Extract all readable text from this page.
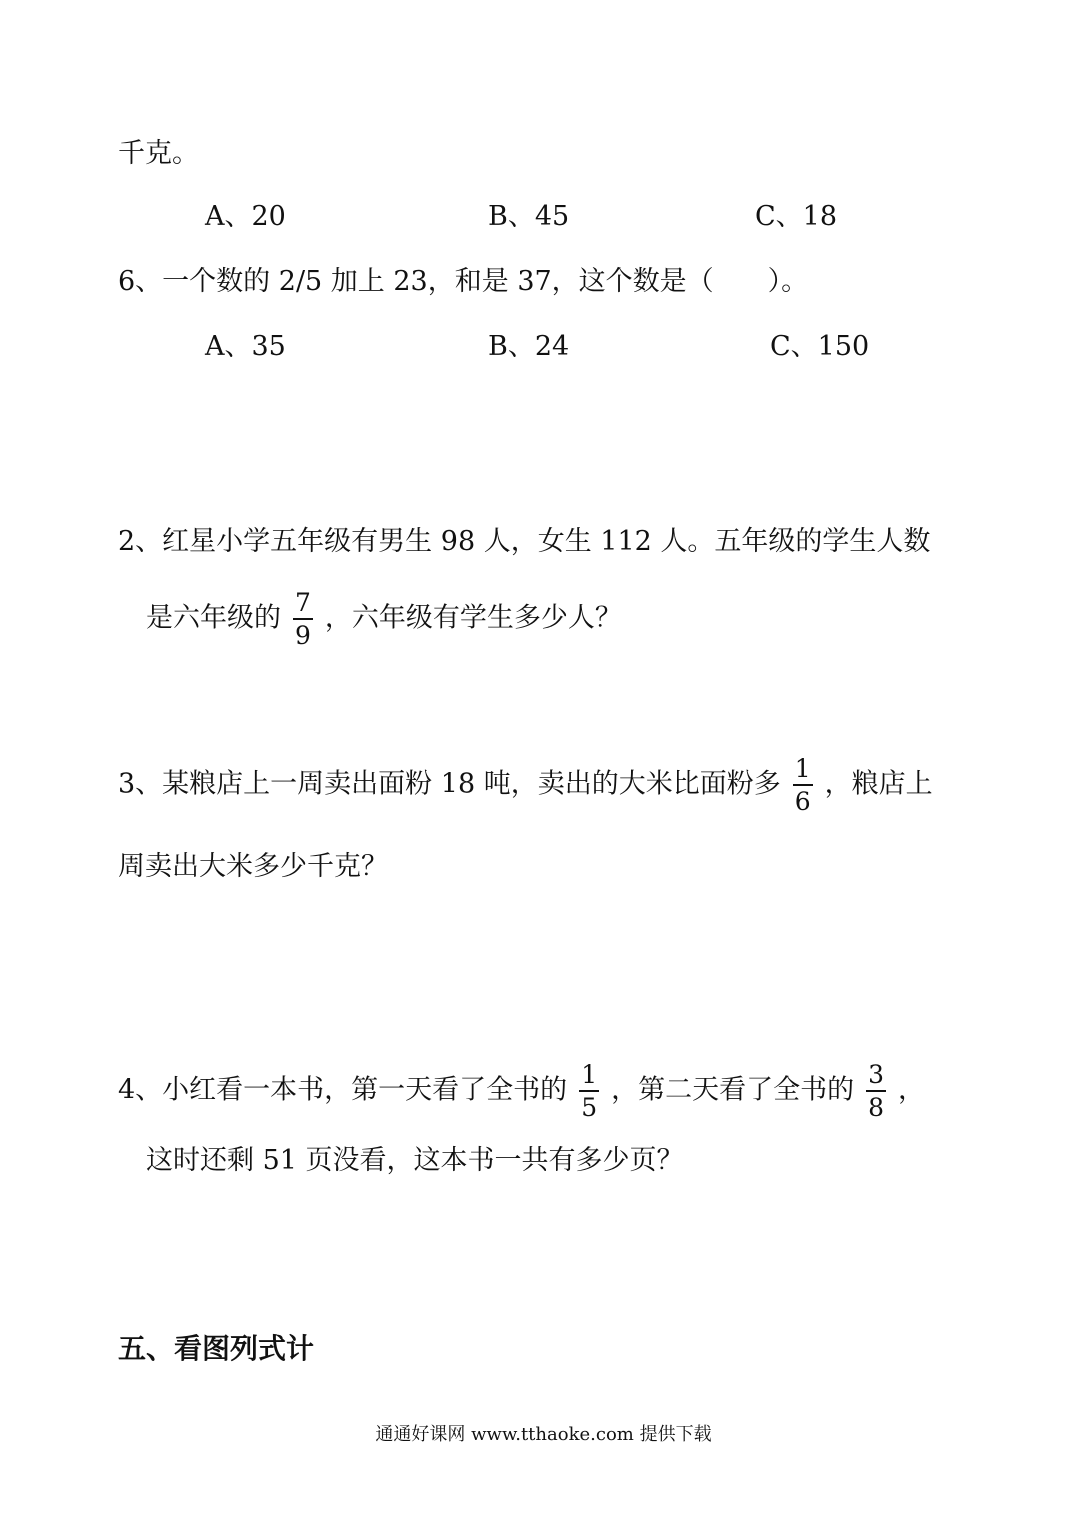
千克。
A、20	B、45	C、18
6、一个数的 2/5 加上 23，和是 37，这个数是（　　）。
A、35	B、24	C、150
2、红星小学五年级有男生 98 人，女生 112 人。五年级的学生人数
是六年级的 $\frac{7}{9}$ ，六年级有学生多少人？
3、某粮店上一周卖出面粉 18 吨，卖出的大米比面粉多 $\frac{1}{6}$ ，粮店上
周卖出大米多少千克？
4、小红看一本书，第一天看了全书的 $\frac{1}{5}$ ，第二天看了全书的 $\frac{3}{8}$ ，
这时还剩 51 页没看，这本书一共有多少页？
五、看图列式计
通通好课网 www.tthaoke.com 提供下载
